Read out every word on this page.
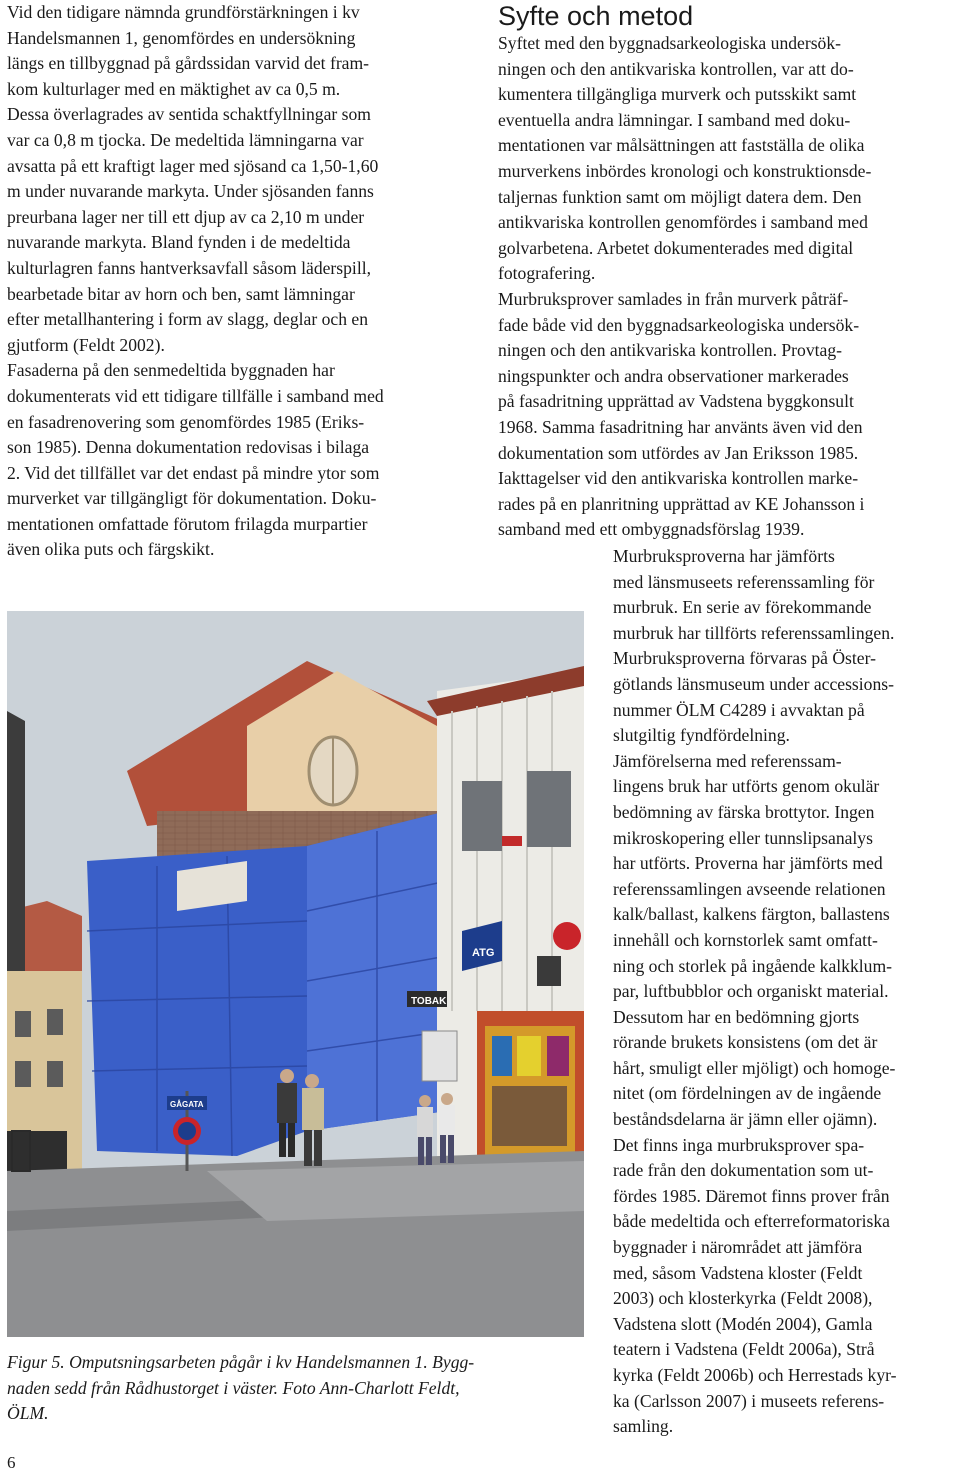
Vid den tidigare nämnda grundförstärkningen i kv
Handelsmannen 1, genomfördes en undersökning
längs en tillbyggnad på gårdssidan varvid det fram-
kom kulturlager med en mäktighet av ca 0,5 m.
Dessa överlagrades av sentida schaktfyllningar som
var ca 0,8 m tjocka. De medeltida lämningarna var
avsatta på ett kraftigt lager med sjösand ca 1,50-1,60
m under nuvarande markyta. Under sjösanden fanns
preurbana lager ner till ett djup av ca 2,10 m under
nuvarande markyta. Bland fynden i de medeltida
kulturlagren fanns hantverksavfall såsom läderspill,
bearbetade bitar av horn och ben, samt lämningar
efter metallhantering i form av slagg, deglar och en
gjutform (Feldt 2002).

Fasaderna på den senmedeltida byggnaden har
dokumenterats vid ett tidigare tillfälle i samband med
en fasadrenovering som genomfördes 1985 (Eriks-
son 1985). Denna dokumentation redovisas i bilaga
2. Vid det tillfället var det endast på mindre ytor som
murverket var tillgängligt för dokumentation. Doku-
mentationen omfattade förutom frilagda murpartier
även olika puts och färgskikt.

ATG
TOBAK
GÅGATA
Figur 5. Omputsningsarbeten pågår i kv Handelsmannen 1. Bygg-
naden sedd från Rådhustorget i väster. Foto Ann-Charlott Feldt,
ÖLM.
6
Syfte och metod

Syftet med den byggnadsarkeologiska undersök-
ningen och den antikvariska kontrollen, var att do-
kumentera tillgängliga murverk och putsskikt samt
eventuella andra lämningar. I samband med doku-
mentationen var målsättningen att fastställa de olika
murverkens inbördes kronologi och konstruktionsde-
taljernas funktion samt om möjligt datera dem. Den
antikvariska kontrollen genomfördes i samband med
golvarbetena. Arbetet dokumenterades med digital
fotografering.

Murbruksprover samlades in från murverk påträf-
fade både vid den byggnadsarkeologiska undersök-
ningen och den antikvariska kontrollen. Provtag-
ningspunkter och andra observationer markerades
på fasadritning upprättad av Vadstena byggkonsult
1968. Samma fasadritning har använts även vid den
dokumentation som utfördes av Jan Eriksson 1985.
Iakttagelser vid den antikvariska kontrollen marke-
rades på en planritning upprättad av KE Johansson i
samband med ett ombyggnadsförslag 1939.

Murbruksproverna har jämförts
med länsmuseets referenssamling för
murbruk. En serie av förekommande
murbruk har tillförts referenssamlingen.
Murbruksproverna förvaras på Öster-
götlands länsmuseum under accessions-
nummer ÖLM C4289 i avvaktan på
slutgiltig fyndfördelning.

Jämförelserna med referenssam-
lingens bruk har utförts genom okulär
bedömning av färska brottytor. Ingen
mikroskopering eller tunnslipsanalys
har utförts. Proverna har jämförts med
referenssamlingen avseende relationen
kalk/ballast, kalkens färgton, ballastens
innehåll och kornstorlek samt omfatt-
ning och storlek på ingående kalkklum-
par, luftbubblor och organiskt material.
Dessutom har en bedömning gjorts
rörande brukets konsistens (om det är
hårt, smuligt eller mjöligt) och homoge-
nitet (om fördelningen av de ingående
beståndsdelarna är jämn eller ojämn).

Det finns inga murbruksprover spa-
rade från den dokumentation som ut-
fördes 1985. Däremot finns prover från
både medeltida och efterreformatoriska
byggnader i närområdet att jämföra
med, såsom Vadstena kloster (Feldt
2003) och klosterkyrka (Feldt 2008),
Vadstena slott (Modén 2004), Gamla
teatern i Vadstena (Feldt 2006a), Strå
kyrka (Feldt 2006b) och Herrestads kyr-
ka (Carlsson 2007) i museets referens-
samling.
